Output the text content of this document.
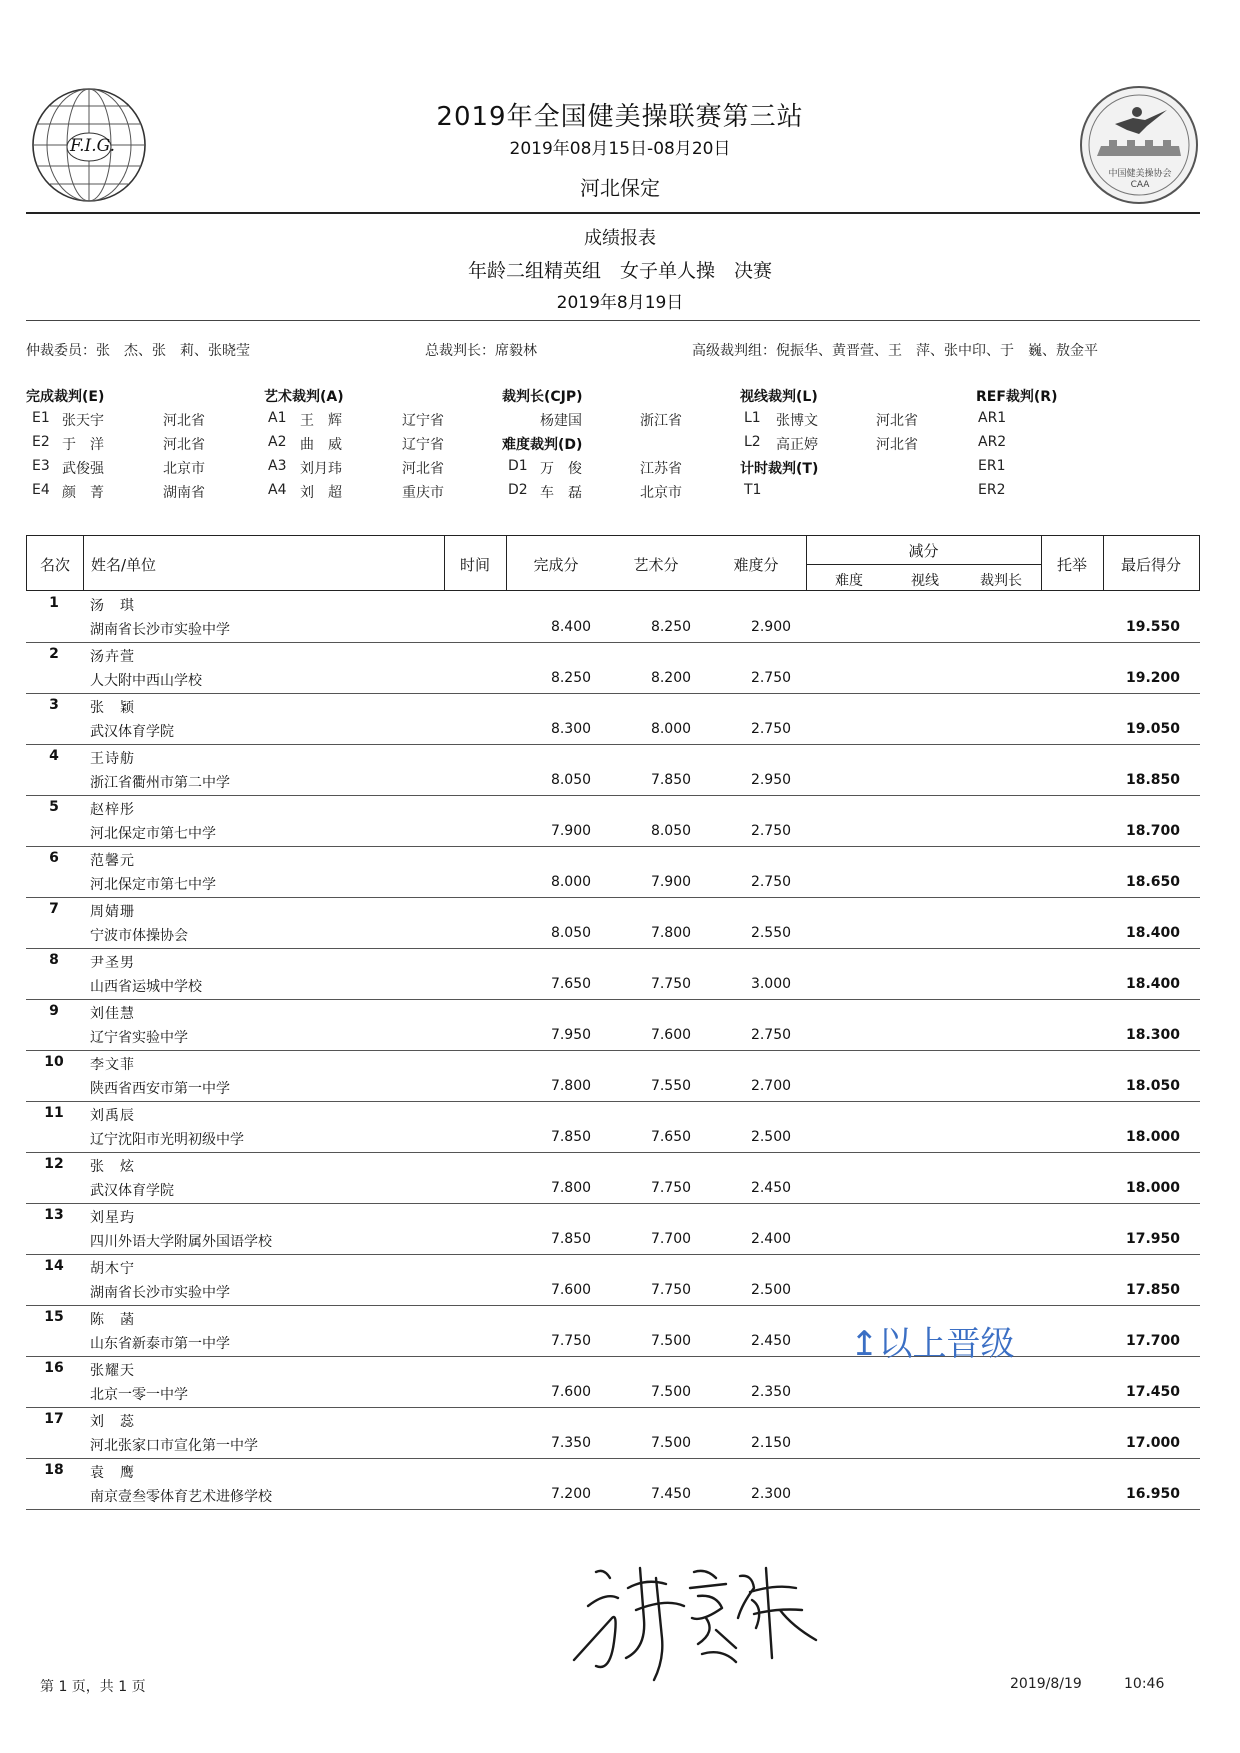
F.I.G.
中国健美操协会
CAA
2019年全国健美操联赛第三站
2019年08月15日-08月20日
河北保定
成绩报表
年龄二组精英组　女子单人操　决赛
2019年8月19日
仲裁委员：张　杰、张　莉、张晓莹	总裁判长：席毅林	高级裁判组：倪振华、黄晋萱、王　萍、张中印、于　巍、敖金平
完成裁判(E)
E1 张天宇	河北省
E2 于　洋	河北省
E3 武俊强	北京市
E4 颜　菁	湖南省
艺术裁判(A)
A1 王　辉	辽宁省
A2 曲　威	辽宁省
A3 刘月玮	河北省
A4 刘　超	重庆市
裁判长(CJP)
杨建国	浙江省
难度裁判(D)
D1 万　俊	江苏省
D2 车　磊	北京市
视线裁判(L)
L1 张博文	河北省
L2 高正婷	河北省
计时裁判(T)
T1
REF裁判(R)
AR1
AR2
ER1
ER2
名次	姓名/单位	时间	完成分	艺术分	难度分
减分
难度	视线	裁判长
托举	最后得分
1	汤　琪
湖南省长沙市实验中学	8.400	8.250	2.900	19.550
2	汤卉萱
人大附中西山学校	8.250	8.200	2.750	19.200
3	张　颖
武汉体育学院	8.300	8.000	2.750	19.050
4	王诗舫
浙江省衢州市第二中学	8.050	7.850	2.950	18.850
5	赵梓彤
河北保定市第七中学	7.900	8.050	2.750	18.700
6	范馨元
河北保定市第七中学	8.000	7.900	2.750	18.650
7	周婧珊
宁波市体操协会	8.050	7.800	2.550	18.400
8	尹圣男
山西省运城中学校	7.650	7.750	3.000	18.400
9	刘佳慧
辽宁省实验中学	7.950	7.600	2.750	18.300
10	李文菲
陕西省西安市第一中学	7.800	7.550	2.700	18.050
11	刘禹辰
辽宁沈阳市光明初级中学	7.850	7.650	2.500	18.000
12	张　炫
武汉体育学院	7.800	7.750	2.450	18.000
13	刘星玙
四川外语大学附属外国语学校	7.850	7.700	2.400	17.950
14	胡木宁
湖南省长沙市实验中学	7.600	7.750	2.500	17.850
15	陈　菡
山东省新泰市第一中学	7.750	7.500	2.450	17.700
16	张耀天
北京一零一中学	7.600	7.500	2.350	17.450
17	刘　蕊
河北张家口市宣化第一中学	7.350	7.500	2.150	17.000
18	袁　鹰
南京壹叁零体育艺术进修学校	7.200	7.450	2.300	16.950
↥以上晋级
第 1 页，共 1 页	2019/8/19	10:46
